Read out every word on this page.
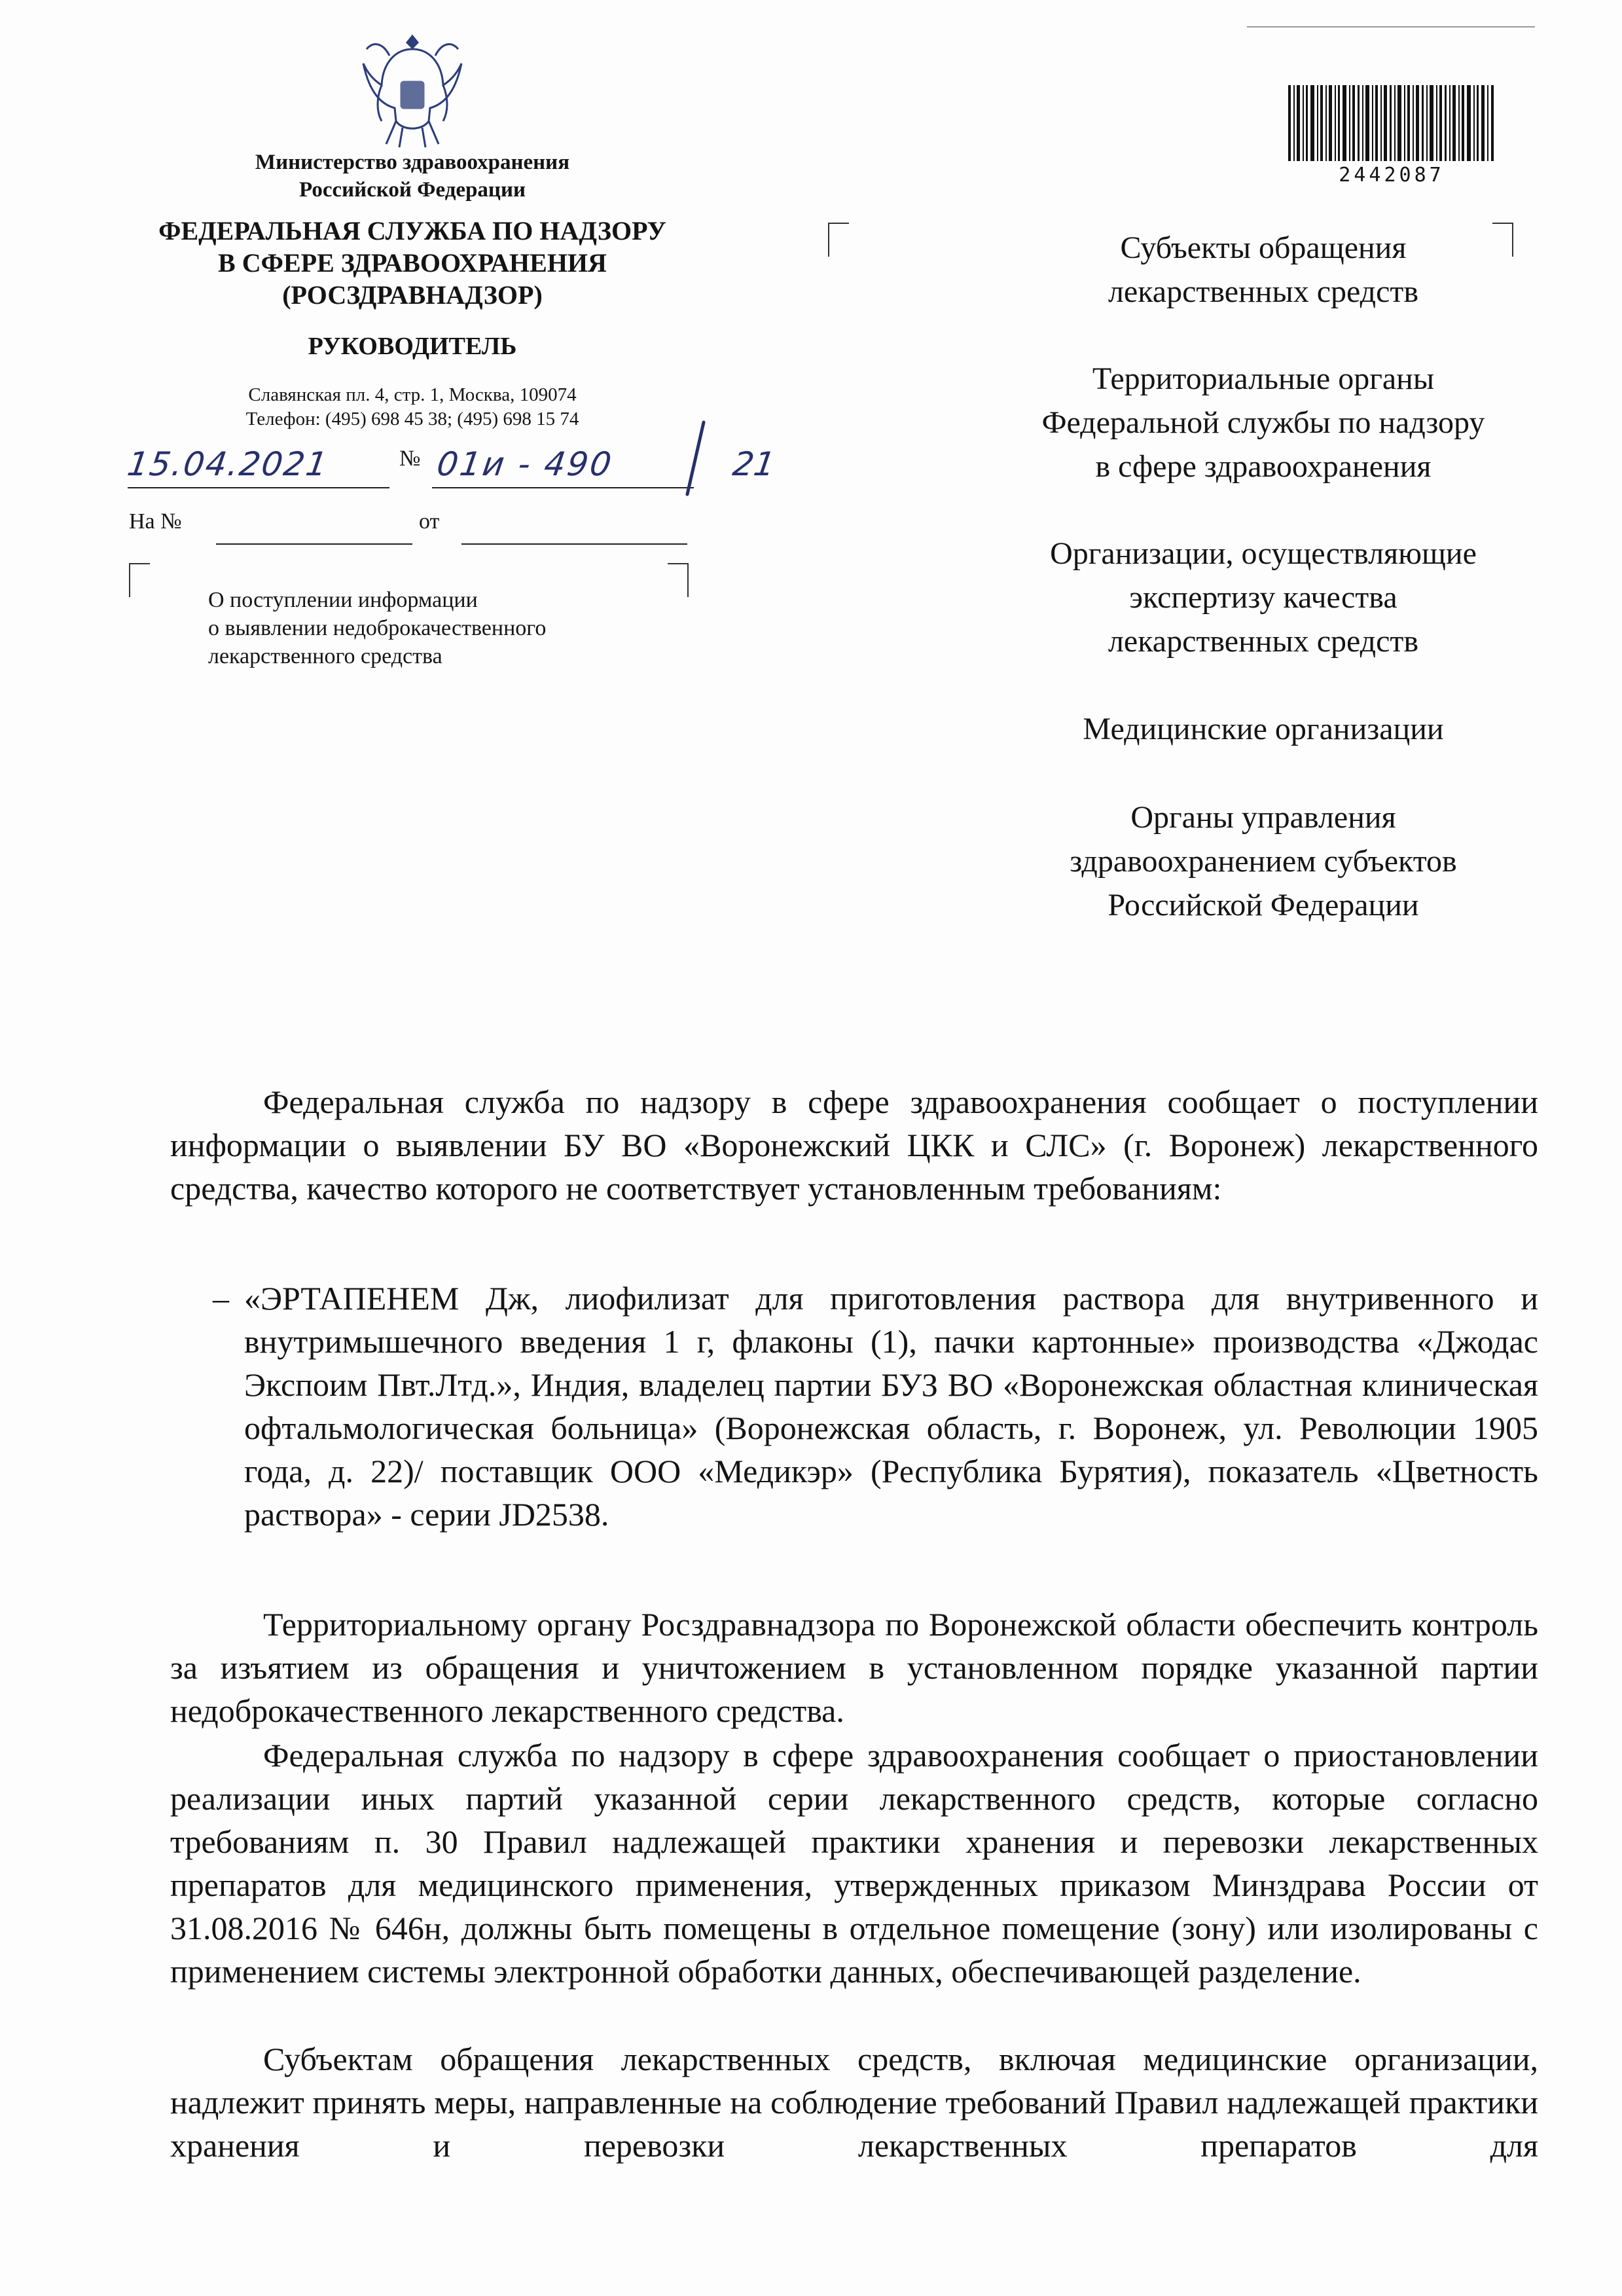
Министерство здравоохранения
Российской Федерации
ФЕДЕРАЛЬНАЯ СЛУЖБА ПО НАДЗОРУ
В СФЕРЕ ЗДРАВООХРАНЕНИЯ
(РОСЗДРАВНАДЗОР)
РУКОВОДИТЕЛЬ
Славянская пл. 4, стр. 1, Москва, 109074
Телефон: (495) 698 45 38; (495) 698 15 74
15.04.2021	№ 01и - 490	21
На №	от
О поступлении информации
о выявлении недоброкачественного
лекарственного средства
2442087
Субъекты обращения
лекарственных средств
Территориальные органы
Федеральной службы по надзору
в сфере здравоохранения
Организации, осуществляющие
экспертизу качества
лекарственных средств
Медицинские организации
Органы управления
здравоохранением субъектов
Российской Федерации
Федеральная служба по надзору в сфере здравоохранения сообщает о поступлении информации о выявлении БУ ВО «Воронежский ЦКК и СЛС» (г. Воронеж) лекарственного средства, качество которого не соответствует установленным требованиям:
– «ЭРТАПЕНЕМ Дж, лиофилизат для приготовления раствора для внутривенного и внутримышечного введения 1 г, флаконы (1), пачки картонные» производства «Джодас Экспоим Пвт.Лтд.», Индия, владелец партии БУЗ ВО «Воронежская областная клиническая офтальмологическая больница» (Воронежская область, г. Воронеж, ул. Революции 1905 года, д. 22)/ поставщик ООО «Медикэр» (Республика Бурятия), показатель «Цветность раствора» - серии JD2538.
Территориальному органу Росздравнадзора по Воронежской области обеспечить контроль за изъятием из обращения и уничтожением в установленном порядке указанной партии недоброкачественного лекарственного средства.
Федеральная служба по надзору в сфере здравоохранения сообщает о приостановлении реализации иных партий указанной серии лекарственного средств, которые согласно требованиям п. 30 Правил надлежащей практики хранения и перевозки лекарственных препаратов для медицинского применения, утвержденных приказом Минздрава России от 31.08.2016 № 646н, должны быть помещены в отдельное помещение (зону) или изолированы с применением системы электронной обработки данных, обеспечивающей разделение.
Субъектам обращения лекарственных средств, включая медицинские организации, надлежит принять меры, направленные на соблюдение требований Правил надлежащей практики хранения и перевозки лекарственных препаратов для
